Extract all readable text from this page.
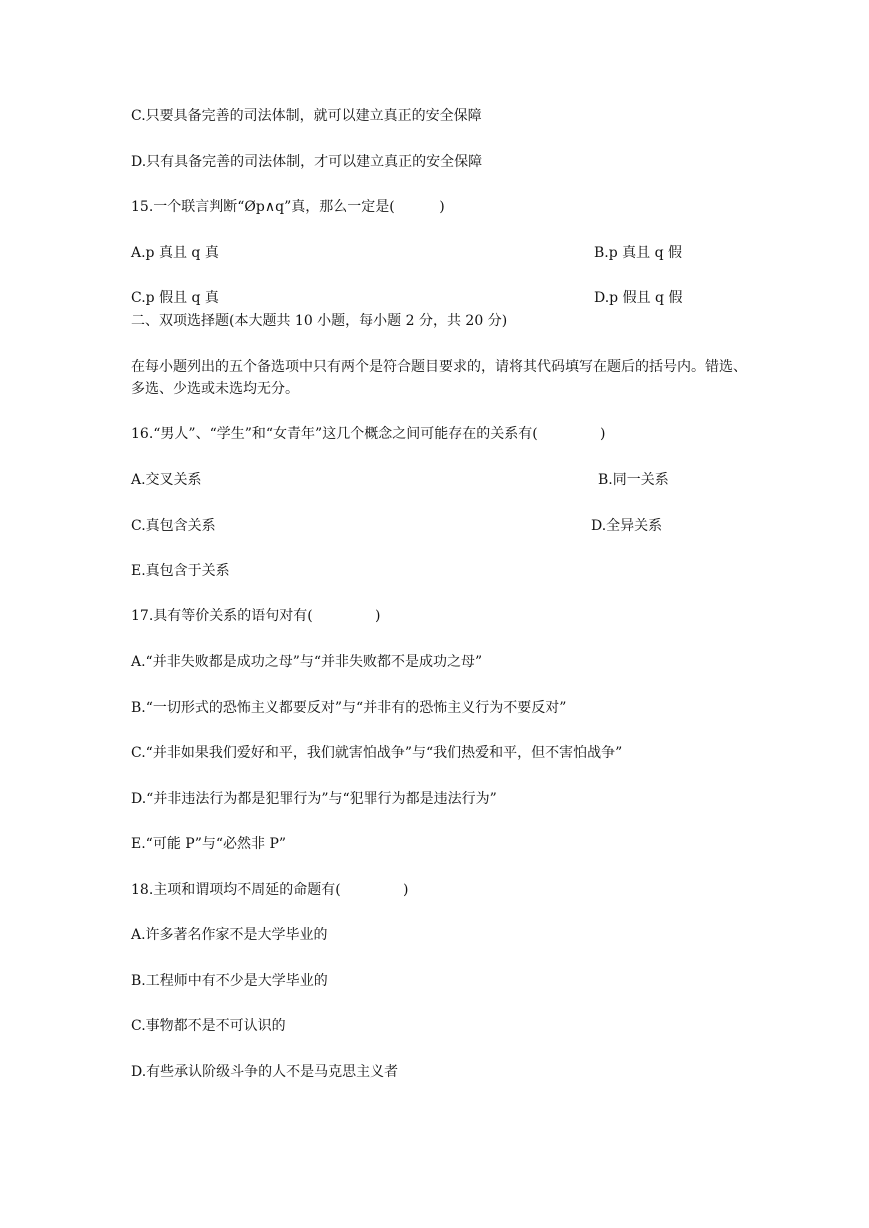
C.只要具备完善的司法体制，就可以建立真正的安全保障
D.只有具备完善的司法体制，才可以建立真正的安全保障
15.一个联言判断“Øp∧q”真，那么一定是(          )
A.p 真且 q 真	B.p 真且 q 假
C.p 假且 q 真	D.p 假且 q 假
二、双项选择题(本大题共 10 小题，每小题 2 分，共 20 分)
在每小题列出的五个备选项中只有两个是符合题目要求的，请将其代码填写在题后的括号内。错选、多选、少选或未选均无分。
16.“男人”、“学生”和“女青年”这几个概念之间可能存在的关系有(              )
A.交叉关系	B.同一关系
C.真包含关系	D.全异关系
E.真包含于关系
17.具有等价关系的语句对有(              )
A.“并非失败都是成功之母”与“并非失败都不是成功之母”
B.“一切形式的恐怖主义都要反对”与“并非有的恐怖主义行为不要反对”
C.“并非如果我们爱好和平，我们就害怕战争”与“我们热爱和平，但不害怕战争”
D.“并非违法行为都是犯罪行为”与“犯罪行为都是违法行为”
E.“可能 P”与“必然非 P”
18.主项和谓项均不周延的命题有(              )
A.许多著名作家不是大学毕业的
B.工程师中有不少是大学毕业的
C.事物都不是不可认识的
D.有些承认阶级斗争的人不是马克思主义者
